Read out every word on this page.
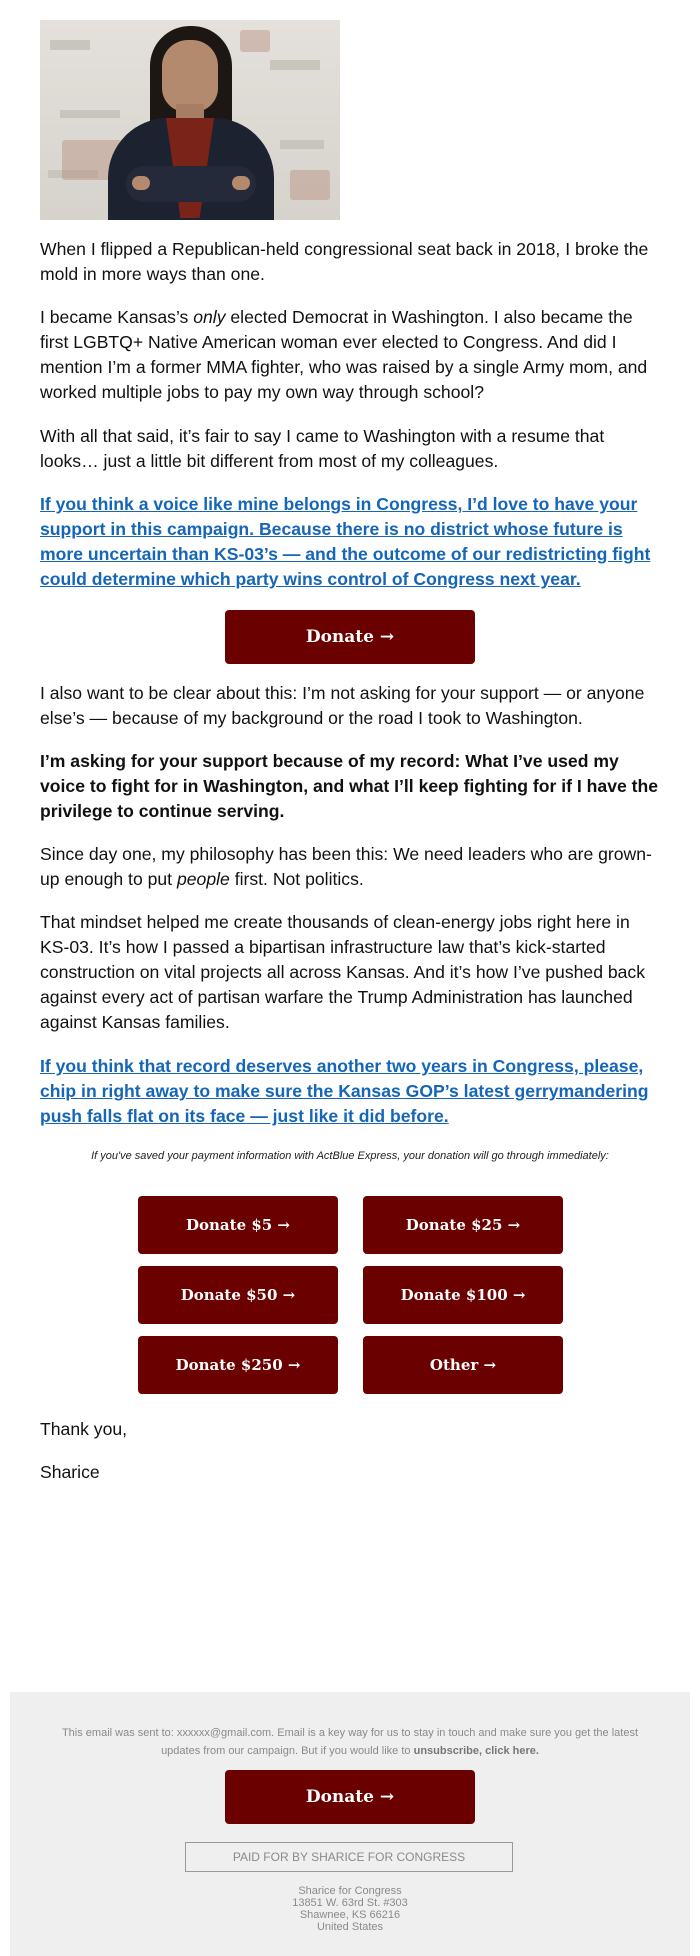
When I flipped a Republican-held congressional seat back in 2018, I broke the mold in more ways than one.

I became Kansas’s only elected Democrat in Washington. I also became the first LGBTQ+ Native American woman ever elected to Congress. And did I mention I’m a former MMA fighter, who was raised by a single Army mom, and worked multiple jobs to pay my own way through school?

With all that said, it’s fair to say I came to Washington with a resume that looks… just a little bit different from most of my colleagues.

If you think a voice like mine belongs in Congress, I’d love to have your support in this campaign. Because there is no district whose future is more uncertain than KS-03’s — and the outcome of our redistricting fight could determine which party wins control of Congress next year.
Donate →

I also want to be clear about this: I’m not asking for your support — or anyone else’s — because of my background or the road I took to Washington.

I’m asking for your support because of my record: What I’ve used my voice to fight for in Washington, and what I’ll keep fighting for if I have the privilege to continue serving.

Since day one, my philosophy has been this: We need leaders who are grown-up enough to put people first. Not politics.

That mindset helped me create thousands of clean-energy jobs right here in KS-03. It’s how I passed a bipartisan infrastructure law that’s kick-started construction on vital projects all across Kansas. And it’s how I’ve pushed back against every act of partisan warfare the Trump Administration has launched against Kansas families.

If you think that record deserves another two years in Congress, please, chip in right away to make sure the Kansas GOP’s latest gerrymandering push falls flat on its face — just like it did before.
If you've saved your payment information with ActBlue Express, your donation will go through immediately:
Donate $5 →	Donate $25 →
Donate $50 →	Donate $100 →
Donate $250 →	Other →

Thank you,

Sharice

This email was sent to: xxxxxx@gmail.com. Email is a key way for us to stay in touch and make sure you get the latest updates from our campaign. But if you would like to unsubscribe, click here.
Donate →
PAID FOR BY SHARICE FOR CONGRESS
Sharice for Congress
13851 W. 63rd St. #303
Shawnee, KS 66216
United States
